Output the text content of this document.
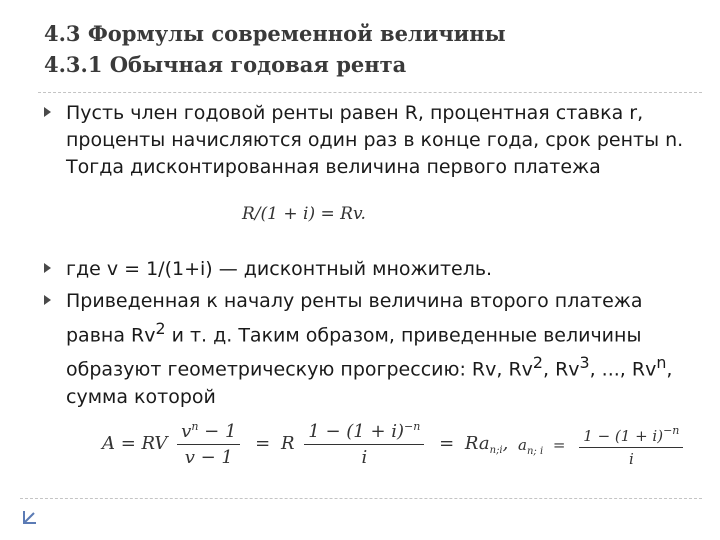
4.3 Формулы современной величины
4.3.1 Обычная годовая рента
Пусть член годовой ренты равен R, процентная ставка r, проценты начисляются один раз в конце года, срок ренты n. Тогда дисконтированная величина первого платежа
где v = 1/(1+i) — дисконтный множитель.
Приведенная к началу ренты величина второго платежа равна Rv$^2$ и т. д. Таким образом, приведенные величины образуют геометрическую прогрессию: Rv, Rv$^2$, Rv$^3$, ..., Rv$^n$, сумма которой
R/(1 + i) = Rv.
A = RV $\frac{v^n - 1}{v - 1} = R \frac{1 - (1 + i)^{-n}}{i} = Ra_{n;i}$, $a_{n; i} = \frac{1 - (1 + i)^{-n}}{i}$
